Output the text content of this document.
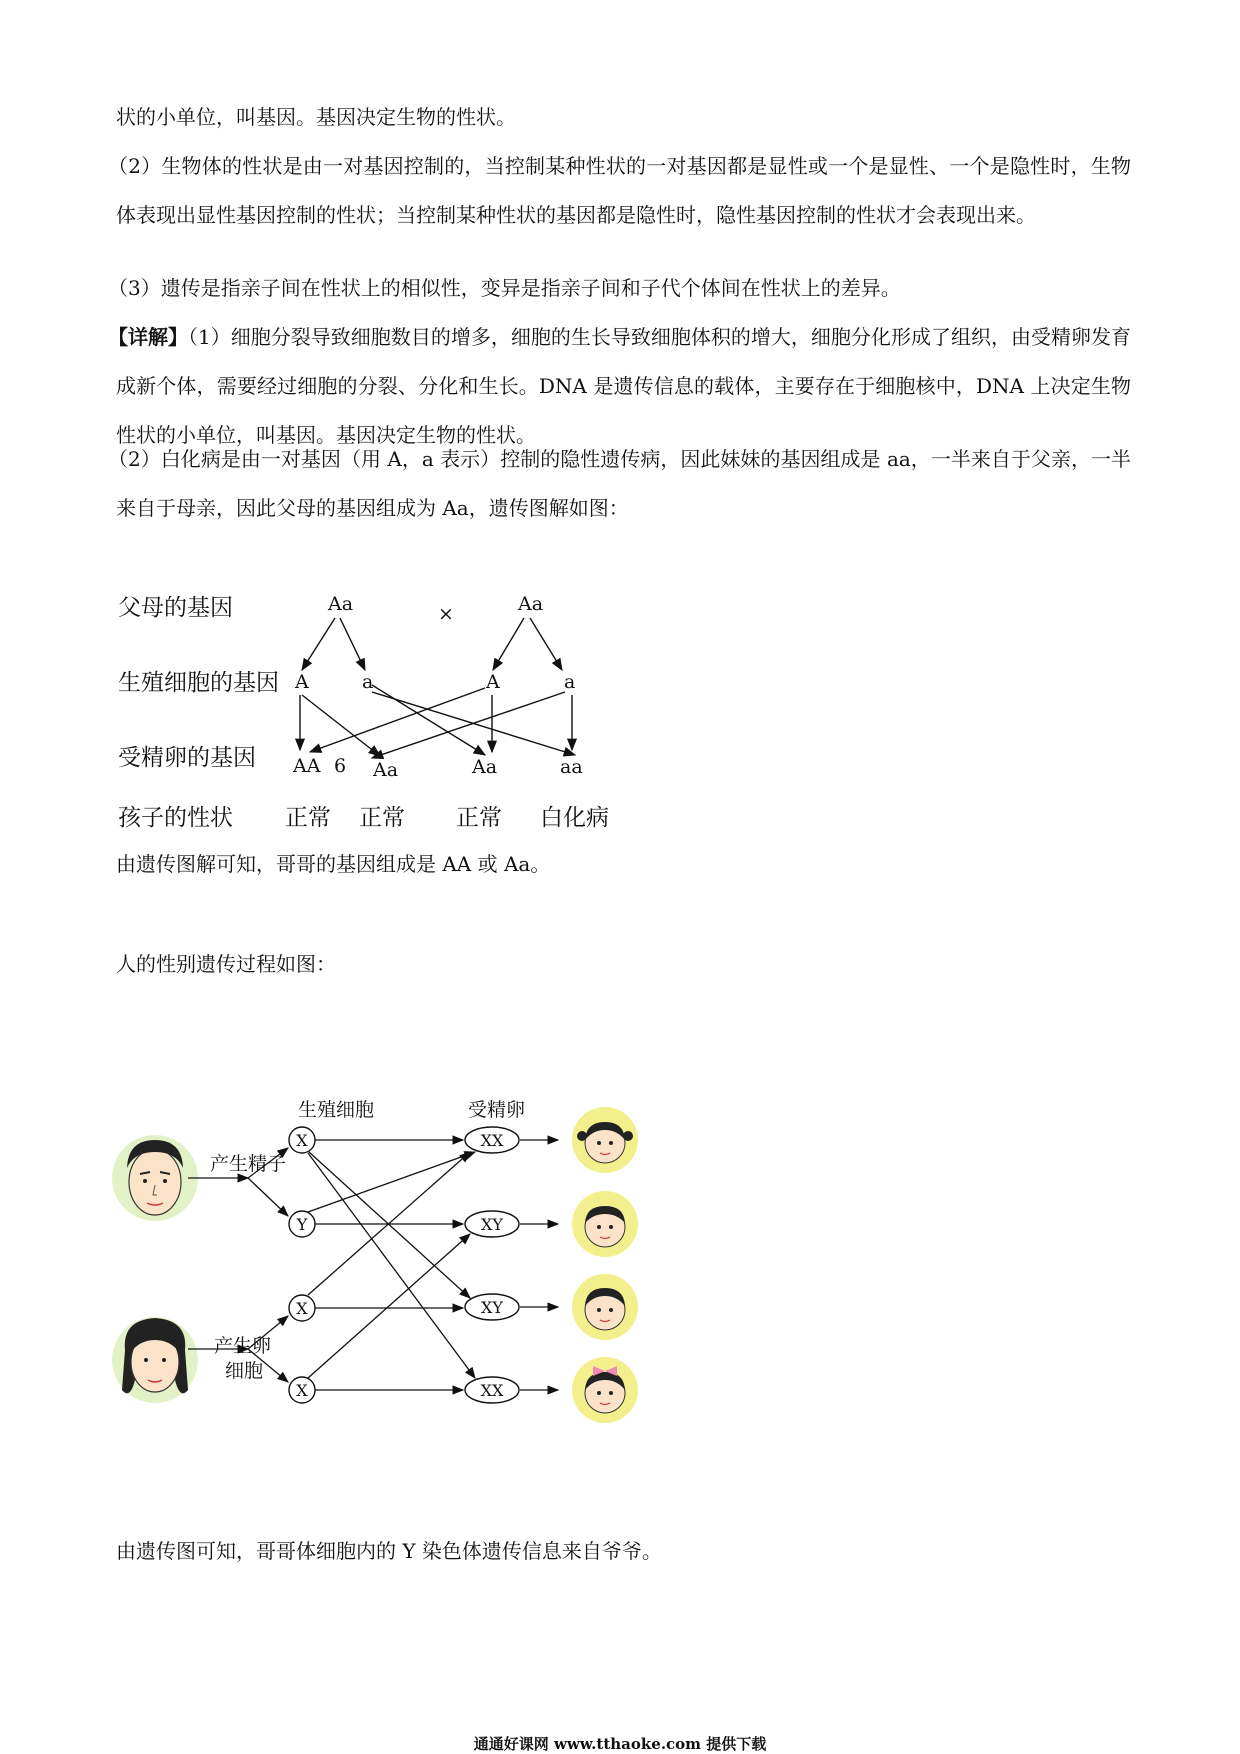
状的小单位，叫基因。基因决定生物的性状。
（2）生物体的性状是由一对基因控制的，当控制某种性状的一对基因都是显性或一个是显性、一个是隐性时，生物体表现出显性基因控制的性状；当控制某种性状的基因都是隐性时，隐性基因控制的性状才会表现出来。
（3）遗传是指亲子间在性状上的相似性，变异是指亲子间和子代个体间在性状上的差异。
【详解】（1）细胞分裂导致细胞数目的增多，细胞的生长导致细胞体积的增大，细胞分化形成了组织，由受精卵发育成新个体，需要经过细胞的分裂、分化和生长。DNA 是遗传信息的载体，主要存在于细胞核中，DNA 上决定生物性状的小单位，叫基因。基因决定生物的性状。
（2）白化病是由一对基因（用 A，a 表示）控制的隐性遗传病，因此妹妹的基因组成是 aa，一半来自于父亲，一半来自于母亲，因此父母的基因组成为 Aa，遗传图解如图：
父母的基因
生殖细胞的基因
受精卵的基因
孩子的性状
Aa	×	Aa
A	a	A	a
AA 6 Aa	Aa	aa
正常 正常 正常 白化病
由遗传图解可知，哥哥的基因组成是 AA 或 Aa。
人的性别遗传过程如图：
生殖细胞	受精卵
产生精子
产生卵
细胞
X
Y
X
X
XX
XY
XY
XX
由遗传图可知，哥哥体细胞内的 Y 染色体遗传信息来自爷爷。
通通好课网 www.tthaoke.com 提供下载
